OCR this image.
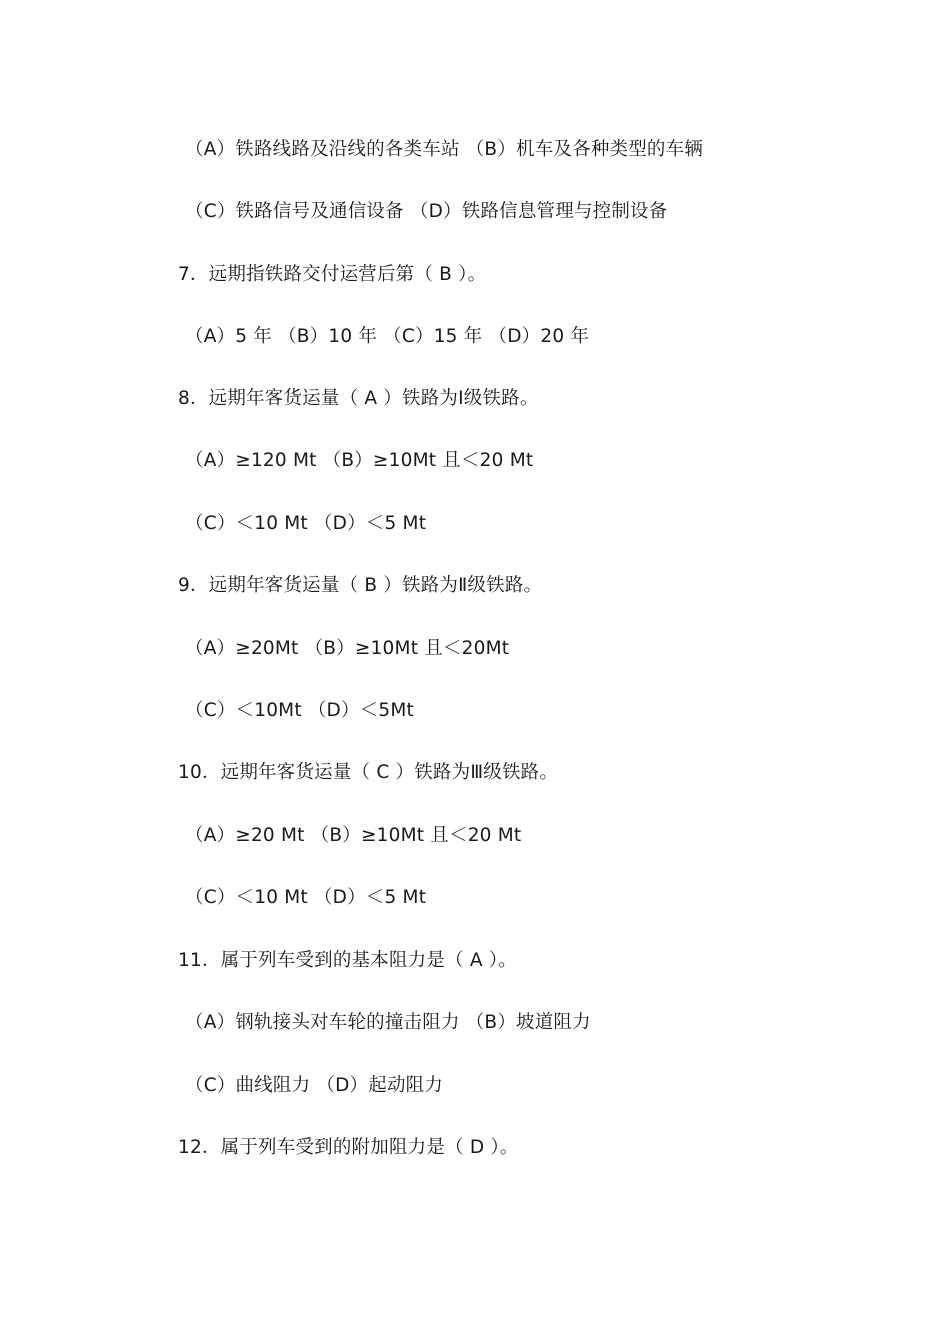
（A）铁路线路及沿线的各类车站 （B）机车及各种类型的车辆
（C）铁路信号及通信设备 （D）铁路信息管理与控制设备
7．远期指铁路交付运营后第（ B ）。
（A）5 年 （B）10 年 （C）15 年 （D）20 年
8．远期年客货运量（ A ）铁路为Ⅰ级铁路。
（A）≥120 Mt （B）≥10Mt 且＜20 Mt
（C）＜10 Mt （D）＜5 Mt
9．远期年客货运量（ B ）铁路为Ⅱ级铁路。
（A）≥20Mt （B）≥10Mt 且＜20Mt
（C）＜10Mt （D）＜5Mt
10．远期年客货运量（ C ）铁路为Ⅲ级铁路。
（A）≥20 Mt （B）≥10Mt 且＜20 Mt
（C）＜10 Mt （D）＜5 Mt
11．属于列车受到的基本阻力是（ A ）。
（A）钢轨接头对车轮的撞击阻力 （B）坡道阻力
（C）曲线阻力 （D）起动阻力
12．属于列车受到的附加阻力是（ D ）。
